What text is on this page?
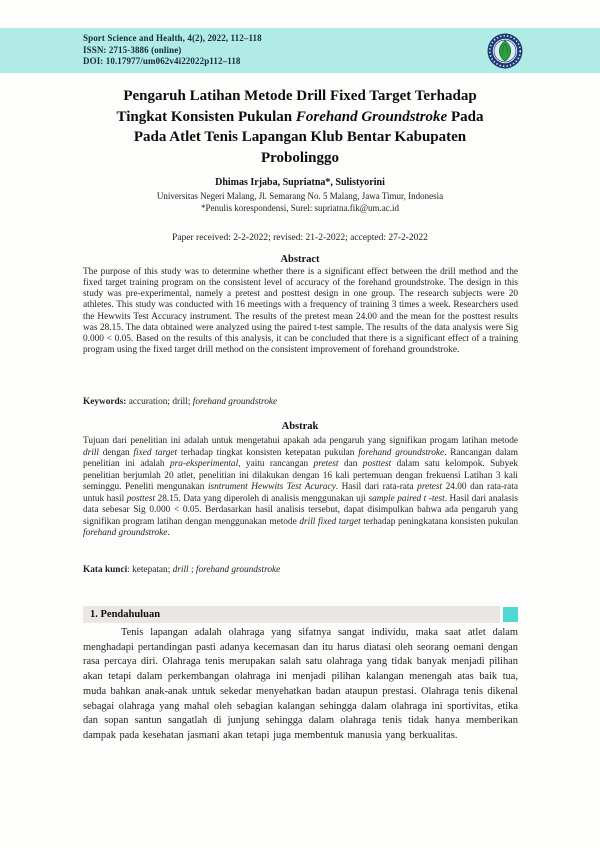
Sport Science and Health, 4(2), 2022, 112–118
ISSN: 2715-3886 (online)
DOI: 10.17977/um062v4i22022p112–118
Pengaruh Latihan Metode Drill Fixed Target Terhadap
Tingkat Konsisten Pukulan Forehand Groundstroke Pada
Pada Atlet Tenis Lapangan Klub Bentar Kabupaten
Probolinggo
Dhimas Irjaba, Supriatna*, Sulistyorini
Universitas Negeri Malang, Jl. Semarang No. 5 Malang, Jawa Timur, Indonesia
*Penulis korespondensi, Surel: supriatna.fik@um.ac.id
Paper received: 2-2-2022; revised: 21-2-2022; accepted: 27-2-2022
Abstract
The purpose of this study was to determine whether there is a significant effect between the drill method and the fixed target training program on the consistent level of accuracy of the forehand groundstroke. The design in this study was pre-experimental, namely a pretest and posttest design in one group. The research subjects were 20 athletes. This study was conducted with 16 meetings with a frequency of training 3 times a week. Researchers used the Hewwits Test Accuracy instrument. The results of the pretest mean 24.00 and the mean for the posttest results was 28.15. The data obtained were analyzed using the paired t-test sample. The results of the data analysis were Sig 0.000 < 0.05. Based on the results of this analysis, it can be concluded that there is a significant effect of a training program using the fixed target drill method on the consistent improvement of forehand groundstroke.
Keywords: accuration; drill; forehand groundstroke
Abstrak
Tujuan dari penelitian ini adalah untuk mengetahui apakah ada pengaruh yang signifikan progam latihan metode drill dengan fixed target terhadap tingkat konsisten ketepatan pukulan forehand groundstroke. Rancangan dalam penelitian ini adalah pra-eksperimental, yaitu rancangan pretest dan posttest dalam satu kelompok. Subyek penelitian berjumlah 20 atlet, penelitian ini dilakukan dengan 16 kali pertemuan dengan frekuensi Latihan 3 kali seminggu. Peneliti mengunakan isntrument Hewwits Test Acuracy. Hasil dari rata-rata pretest 24.00 dan rata-rata untuk hasil posttest 28.15. Data yang diperoleh di analisis menggunakan uji sample paired t -test. Hasil dari analasis data sebesar Sig 0.000 < 0.05. Berdasarkan hasil analisis tersebut, dapat disimpulkan bahwa ada pengaruh yang signifikan program latihan dengan menggunakan metode drill fixed target terhadap peningkatana konsisten pukulan forehand groundstroke.
Kata kunci: ketepatan; drill ; forehand groundstroke
1. Pendahuluan
Tenis lapangan adalah olahraga yang sifatnya sangat individu, maka saat atlet dalam menghadapi pertandingan pasti adanya kecemasan dan itu harus diatasi oleh seorang oemani dengan rasa percaya diri. Olahraga tenis merupakan salah satu olahraga yang tidak banyak menjadi pilihan akan tetapi dalam perkembangan olahraga ini menjadi pilihan kalangan menengah atas baik tua, muda bahkan anak-anak untuk sekedar menyehatkan badan ataupun prestasi. Olahraga tenis dikenal sebagai olahraga yang mahal oleh sebagian kalangan sehingga dalam olahraga ini sportivitas, etika dan sopan santun sangatlah di junjung sehingga dalam olahraga tenis tidak hanya memberikan dampak pada kesehatan jasmani akan tetapi juga membentuk manusia yang berkualitas.
